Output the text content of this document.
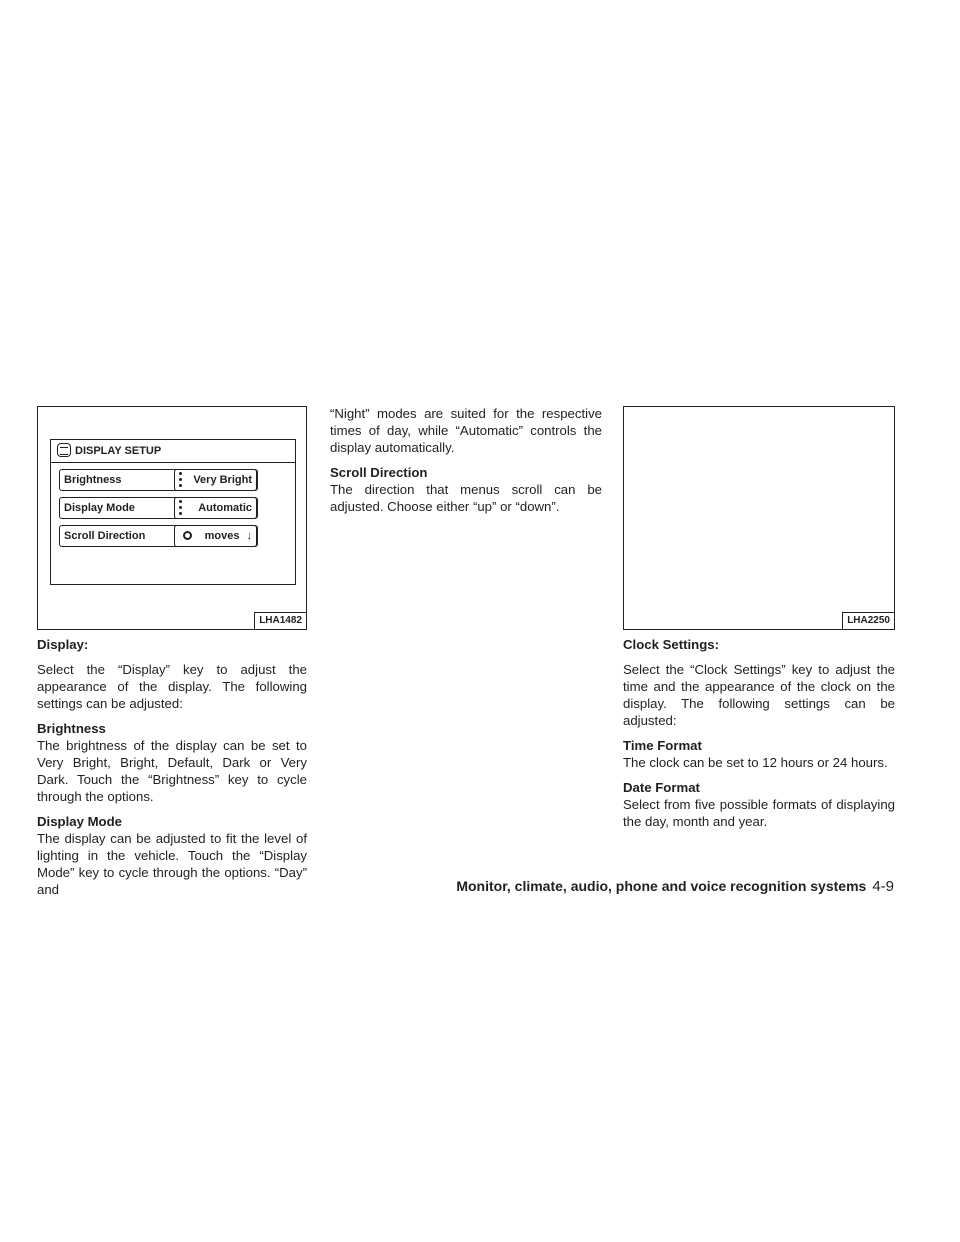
DISPLAY SETUP
Brightness	Very Bright
Display Mode	Automatic
Scroll Direction	moves ↓
LHA1482	LHA2250

Display:

Select the “Display” key to adjust the appearance of the display. The following settings can be adjusted:

Brightness

The brightness of the display can be set to Very Bright, Bright, Default, Dark or Very Dark. Touch the “Brightness” key to cycle through the options.

Display Mode

The display can be adjusted to fit the level of lighting in the vehicle. Touch the “Display Mode” key to cycle through the options. “Day” and

“Night” modes are suited for the respective times of day, while “Automatic” controls the display automatically.

Scroll Direction

The direction that menus scroll can be adjusted. Choose either “up” or “down”.

Clock Settings:

Select the “Clock Settings” key to adjust the time and the appearance of the clock on the display. The following settings can be adjusted:

Time Format

The clock can be set to 12 hours or 24 hours.

Date Format

Select from five possible formats of displaying the day, month and year.

Monitor, climate, audio, phone and voice recognition systems 4-9
